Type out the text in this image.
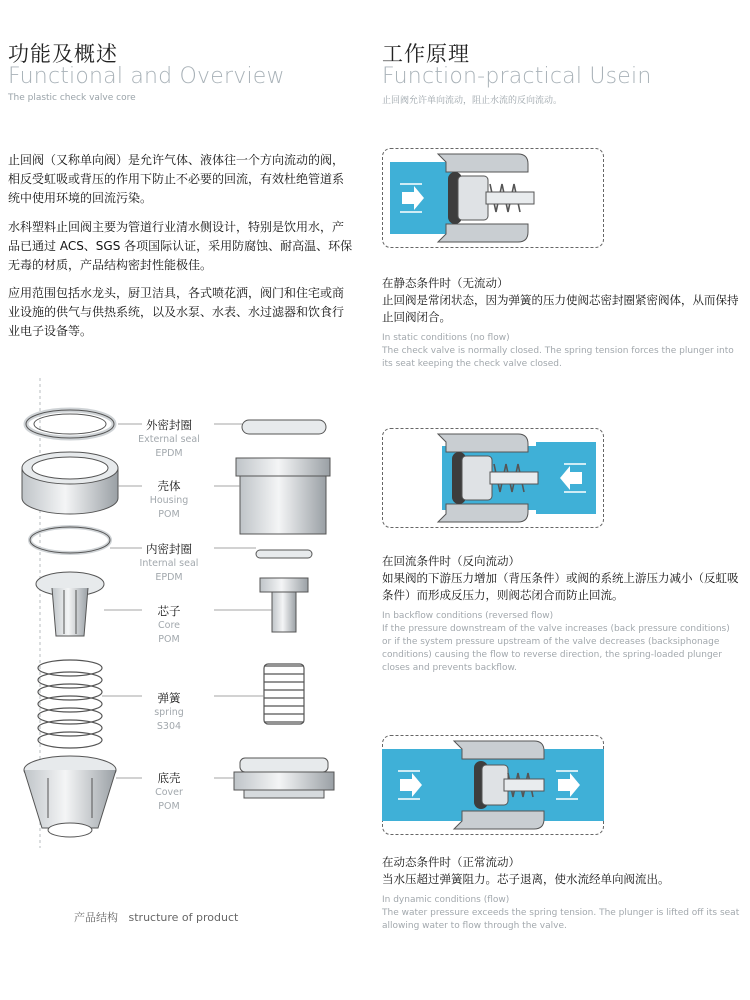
功能及概述
Functional and Overview
The plastic check valve core
止回阀（又称单向阀）是允许气体、液体往一个方向流动的阀，相反受虹吸或背压的作用下防止不必要的回流，有效杜绝管道系统中使用环境的回流污染。
水科塑料止回阀主要为管道行业清水侧设计，特别是饮用水，产品已通过 ACS、SGS 各项国际认证，采用防腐蚀、耐高温、环保无毒的材质，产品结构密封性能极佳。
应用范围包括水龙头，厨卫洁具，各式喷花洒，阀门和住宅或商业设施的供气与供热系统，以及水泵、水表、水过滤器和饮食行业电子设备等。
外密封圈
External seal
EPDM
壳体
Housing
POM
内密封圈
Internal seal
EPDM
芯子
Core
POM
弹簧
spring
S304
底壳
Cover
POM
产品结构 structure of product
工作原理
Function-practical Usein
止回阀允许单向流动，阻止水流的反向流动。
在静态条件时（无流动）
止回阀是常闭状态，因为弹簧的压力使阀芯密封圈紧密阀体，从而保持止回阀闭合。
In static conditions (no flow)
The check valve is normally closed. The spring tension forces the plunger into its seat keeping the check valve closed.
在回流条件时（反向流动）
如果阀的下游压力增加（背压条件）或阀的系统上游压力减小（反虹吸条件）而形成反压力，则阀芯闭合而防止回流。
In backflow conditions (reversed flow)
If the pressure downstream of the valve increases (back pressure conditions) or if the system pressure upstream of the valve decreases (backsiphonage conditions) causing the flow to reverse direction, the spring-loaded plunger closes and prevents backflow.
在动态条件时（正常流动）
当水压超过弹簧阻力。芯子退离，使水流经单向阀流出。
In dynamic conditions (flow)
The water pressure exceeds the spring tension. The plunger is lifted off its seat allowing water to flow through the valve.
